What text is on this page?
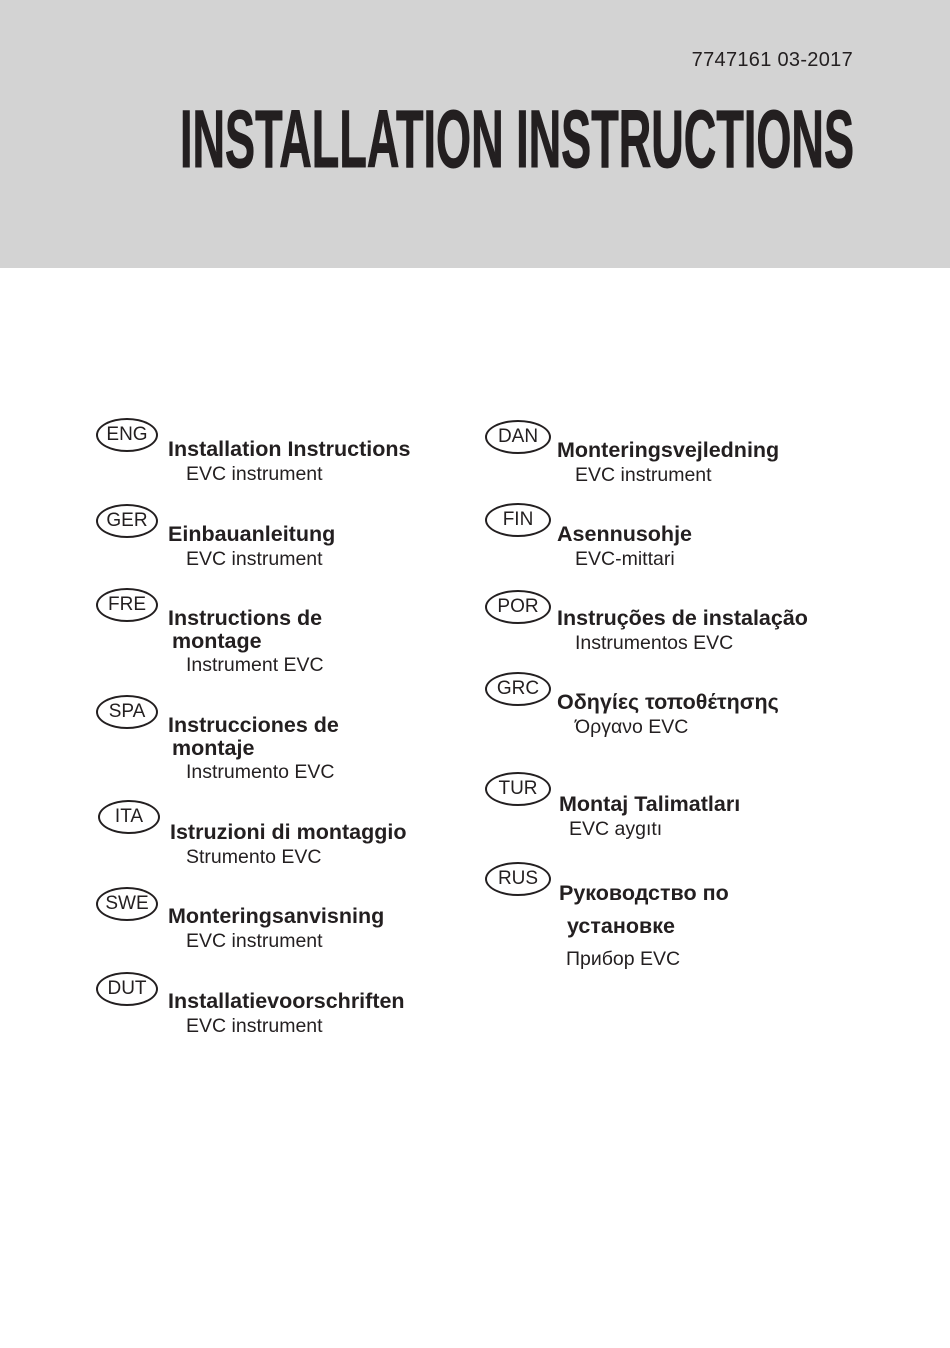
7747161 03-2017
INSTALLATION INSTRUCTIONS
ENG
Installation Instructions
EVC instrument
GER
Einbauanleitung
EVC instrument
FRE
Instructions de
montage
Instrument EVC
SPA
Instrucciones de
montaje
Instrumento EVC
ITA
Istruzioni di montaggio
Strumento EVC
SWE
Monteringsanvisning
EVC instrument
DUT
Installatievoorschriften
EVC instrument
DAN
Monteringsvejledning
EVC instrument
FIN
Asennusohje
EVC-mittari
POR Instruções de instalação
Instrumentos EVC
GRC
Οδηγίες τοποθέτησης
Όργανο EVC
TUR
Montaj Talimatları
EVC aygıtı
RUS
Руководство по
установке
Прибор EVC
